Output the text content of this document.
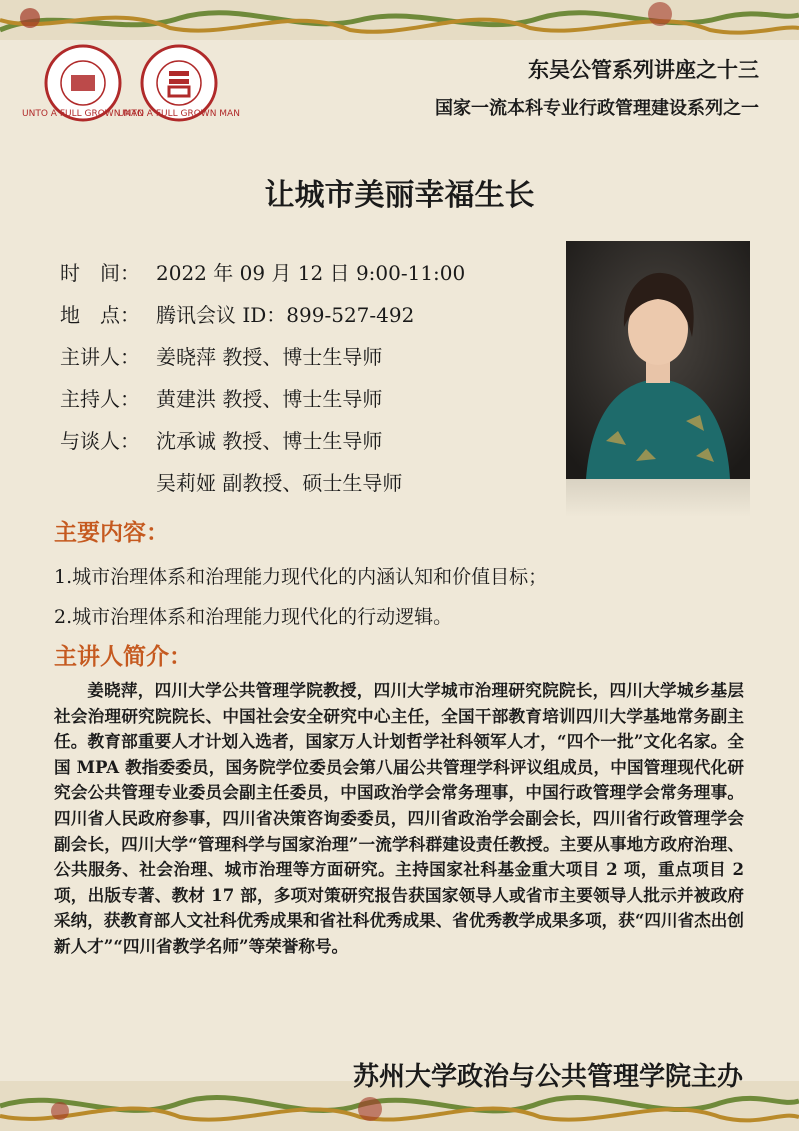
UNTO A FULL GROWN MAN
UNTO A FULL GROWN MAN
东吴公管系列讲座之十三
国家一流本科专业行政管理建设系列之一
让城市美丽幸福生长
时　间： 2022 年 09 月 12 日 9:00-11:00
地　点： 腾讯会议 ID：899-527-492
主讲人： 姜晓萍 教授、博士生导师
主持人： 黄建洪 教授、博士生导师
与谈人： 沈承诚 教授、博士生导师
吴莉娅 副教授、硕士生导师
主要内容：
1.城市治理体系和治理能力现代化的内涵认知和价值目标；
2.城市治理体系和治理能力现代化的行动逻辑。
主讲人简介：
姜晓萍，四川大学公共管理学院教授，四川大学城市治理研究院院长，四川大学城乡基层社会治理研究院院长、中国社会安全研究中心主任，全国干部教育培训四川大学基地常务副主任。教育部重要人才计划入选者，国家万人计划哲学社科领军人才，“四个一批”文化名家。全国 MPA 教指委委员，国务院学位委员会第八届公共管理学科评议组成员，中国管理现代化研究会公共管理专业委员会副主任委员，中国政治学会常务理事，中国行政管理学会常务理事。四川省人民政府参事，四川省决策咨询委委员，四川省政治学会副会长，四川省行政管理学会副会长，四川大学“管理科学与国家治理”一流学科群建设责任教授。主要从事地方政府治理、公共服务、社会治理、城市治理等方面研究。主持国家社科基金重大项目 2 项，重点项目 2 项，出版专著、教材 17 部，多项对策研究报告获国家领导人或省市主要领导人批示并被政府采纳，获教育部人文社科优秀成果和省社科优秀成果、省优秀教学成果多项，获“四川省杰出创新人才”“四川省教学名师”等荣誉称号。
苏州大学政治与公共管理学院主办
